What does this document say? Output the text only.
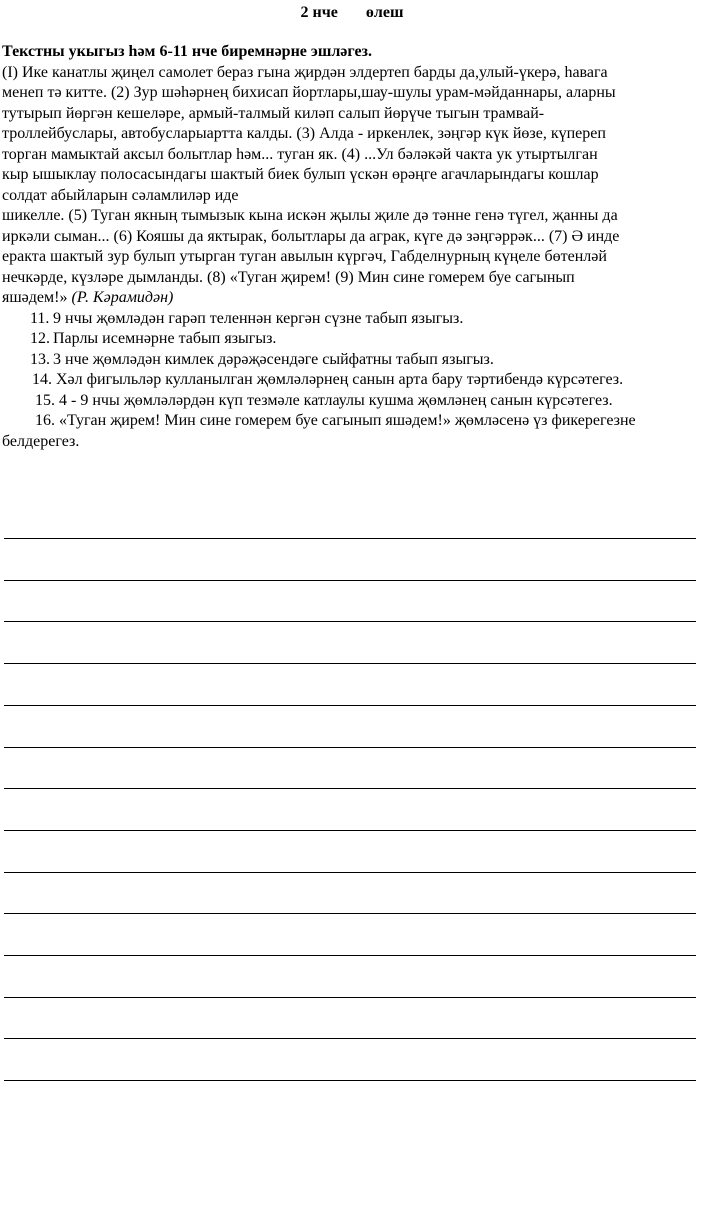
2 нче өлеш
Текстны укыгыз һәм 6-11 нче биремнәрне эшләгез.

(I) Ике канатлы җиңел самолет бераз гына җирдән элдертеп барды да,улый-үкерә, һавага

менеп тә китте. (2) Зур шәһәрнең бихисап йортлары,шау-шулы урам-мәйданнары, аларны

тутырып йөргән кешеләре, армый-талмый киләп салып йөрүче тыгын трамвай-

троллейбуслары, автобусларыартта калды. (3) Алда - иркенлек, зәңгәр күк йөзе, күпереп

торган мамыктай аксыл болытлар һәм... туган як. (4) ...Ул бәләкәй чакта ук утыртылган

кыр ышыклау полосасындагы шактый биек булып үскән өрәңге агачларындагы кошлар

солдат абыйларын сәламлиләр иде

шикелле. (5) Туган якның тымызык кына искән җылы җиле дә тәнне генә түгел, җанны да

иркәли сыман... (6) Кояшы да яктырак, болытлары да аграк, күге дә зәңгәррәк... (7) Ә инде

еракта шактый зур булып утырган туган авылын күргәч, Габделнурның күңеле бөтенләй

нечкәрде, күзләре дымланды. (8) «Туган җирем! (9) Мин сине гомерем буе сагынып

яшәдем!» (Р. Кәрамидән)

11. 9 нчы җөмләдән гарәп теленнән кергән сүзне табып языгыз.

12. Парлы исемнәрне табып языгыз.

13. 3 нче җөмләдән кимлек дәрәҗәсендәге сыйфатны табып языгыз.

14. Хәл фигыльләр кулланылган җөмләләрнең санын арта бару тәртибендә күрсәтегез.

15. 4 - 9 нчы җөмләләрдән күп тезмәле катлаулы кушма җөмләнең санын күрсәтегез.

16. «Туган җирем! Мин сине гомерем буе сагынып яшәдем!» җөмләсенә үз фикерегезне белдерегез.
